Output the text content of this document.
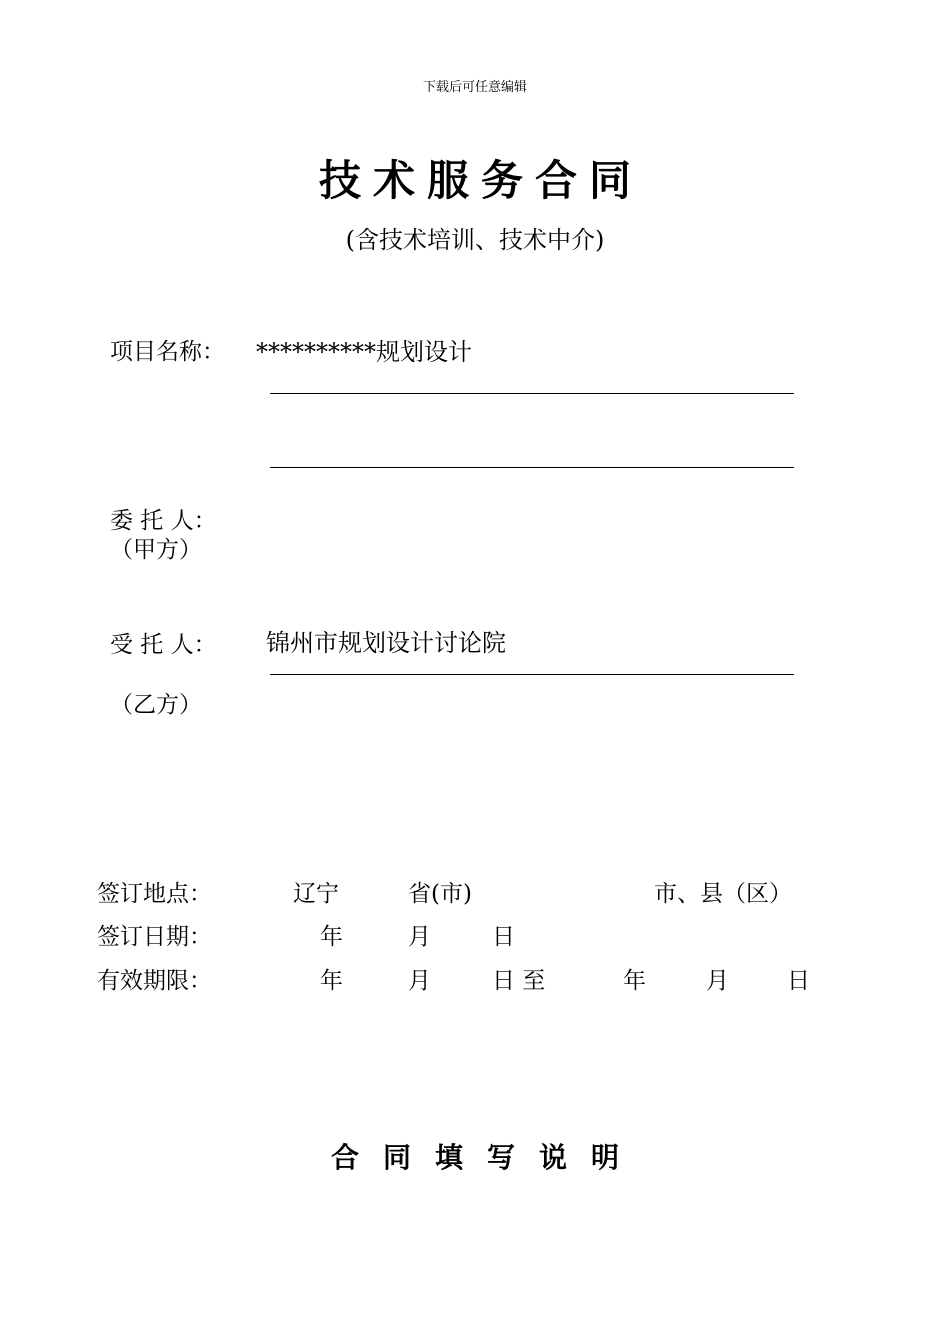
下载后可任意编辑
技术服务合同
(含技术培训、技术中介)
项目名称： **********规划设计
委 托 人：
（甲方）
受 托 人： 锦州市规划设计讨论院
（乙方）
签订地点：	辽宁	省(市)	市、县（区）
签订日期：	年	月	日
有效期限：	年	月	日 至	年	月	日
合同填写说明
